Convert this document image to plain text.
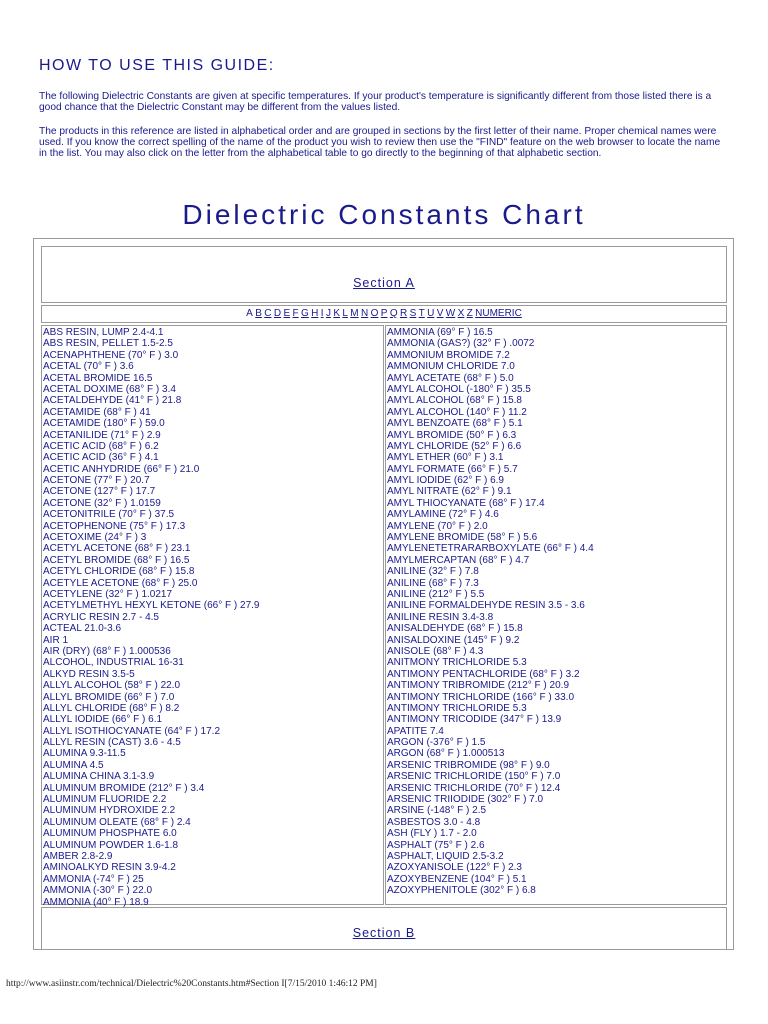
HOW TO USE THIS GUIDE:
The following Dielectric Constants are given at specific temperatures. If your product's temperature is significantly different from those listed there is a good chance that the Dielectric Constant may be different from the values listed.
The products in this reference are listed in alphabetical order and are grouped in sections by the first letter of their name. Proper chemical names were used. If you know the correct spelling of the name of the product you wish to review then use the "FIND" feature on the web browser to locate the name in the list. You may also click on the letter from the alphabetical table to go directly to the beginning of that alphabetic section.
Dielectric Constants Chart
Section A
A B C D E F G H I J K L M N O P Q R S T U V W X Z NUMERIC
ABS RESIN, LUMP 2.4-4.1
ABS RESIN, PELLET 1.5-2.5
ACENAPHTHENE (70° F ) 3.0
ACETAL (70° F ) 3.6
ACETAL BROMIDE 16.5
ACETAL DOXIME (68° F ) 3.4
ACETALDEHYDE (41° F ) 21.8
ACETAMIDE (68° F ) 41
ACETAMIDE (180° F ) 59.0
ACETANILIDE (71° F ) 2.9
ACETIC ACID (68° F ) 6.2
ACETIC ACID (36° F ) 4.1
ACETIC ANHYDRIDE (66° F ) 21.0
ACETONE (77° F ) 20.7
ACETONE (127° F ) 17.7
ACETONE (32° F ) 1.0159
ACETONITRILE (70° F ) 37.5
ACETOPHENONE (75° F ) 17.3
ACETOXIME (24° F ) 3
ACETYL ACETONE (68° F ) 23.1
ACETYL BROMIDE (68° F ) 16.5
ACETYL CHLORIDE (68° F ) 15.8
ACETYLE ACETONE (68° F ) 25.0
ACETYLENE (32° F ) 1.0217
ACETYLMETHYL HEXYL KETONE (66° F ) 27.9
ACRYLIC RESIN 2.7 - 4.5
ACTEAL 21.0-3.6
AIR 1
AIR (DRY) (68° F ) 1.000536
ALCOHOL, INDUSTRIAL 16-31
ALKYD RESIN 3.5-5
ALLYL ALCOHOL (58° F ) 22.0
ALLYL BROMIDE (66° F ) 7.0
ALLYL CHLORIDE (68° F ) 8.2
ALLYL IODIDE (66° F ) 6.1
ALLYL ISOTHIOCYANATE (64° F ) 17.2
ALLYL RESIN (CAST) 3.6 - 4.5
ALUMINA 9.3-11.5
ALUMINA 4.5
ALUMINA CHINA 3.1-3.9
ALUMINUM BROMIDE (212° F ) 3.4
ALUMINUM FLUORIDE 2.2
ALUMINUM HYDROXIDE 2.2
ALUMINUM OLEATE (68° F ) 2.4
ALUMINUM PHOSPHATE 6.0
ALUMINUM POWDER 1.6-1.8
AMBER 2.8-2.9
AMINOALKYD RESIN 3.9-4.2
AMMONIA (-74° F ) 25
AMMONIA (-30° F ) 22.0
AMMONIA (40° F ) 18.9
AMMONIA (69° F ) 16.5
AMMONIA (GAS?) (32° F ) .0072
AMMONIUM BROMIDE 7.2
AMMONIUM CHLORIDE 7.0
AMYL ACETATE (68° F ) 5.0
AMYL ALCOHOL (-180° F ) 35.5
AMYL ALCOHOL (68° F ) 15.8
AMYL ALCOHOL (140° F ) 11.2
AMYL BENZOATE (68° F ) 5.1
AMYL BROMIDE (50° F ) 6.3
AMYL CHLORIDE (52° F ) 6.6
AMYL ETHER (60° F ) 3.1
AMYL FORMATE (66° F ) 5.7
AMYL IODIDE (62° F ) 6.9
AMYL NITRATE (62° F ) 9.1
AMYL THIOCYANATE (68° F ) 17.4
AMYLAMINE (72° F ) 4.6
AMYLENE (70° F ) 2.0
AMYLENE BROMIDE (58° F ) 5.6
AMYLENETETRARARBOXYLATE (66° F ) 4.4
AMYLMERCAPTAN (68° F ) 4.7
ANILINE (32° F ) 7.8
ANILINE (68° F ) 7.3
ANILINE (212° F ) 5.5
ANILINE FORMALDEHYDE RESIN 3.5 - 3.6
ANILINE RESIN 3.4-3.8
ANISALDEHYDE (68° F ) 15.8
ANISALDOXINE (145° F ) 9.2
ANISOLE (68° F ) 4.3
ANITMONY TRICHLORIDE 5.3
ANTIMONY PENTACHLORIDE (68° F ) 3.2
ANTIMONY TRIBROMIDE (212° F ) 20.9
ANTIMONY TRICHLORIDE (166° F ) 33.0
ANTIMONY TRICHLORIDE 5.3
ANTIMONY TRICODIDE (347° F ) 13.9
APATITE 7.4
ARGON (-376° F ) 1.5
ARGON (68° F ) 1.000513
ARSENIC TRIBROMIDE (98° F ) 9.0
ARSENIC TRICHLORIDE (150° F ) 7.0
ARSENIC TRICHLORIDE (70° F ) 12.4
ARSENIC TRIIODIDE (302° F ) 7.0
ARSINE (-148° F ) 2.5
ASBESTOS 3.0 - 4.8
ASH (FLY ) 1.7 - 2.0
ASPHALT (75° F ) 2.6
ASPHALT, LIQUID 2.5-3.2
AZOXYANISOLE (122° F ) 2.3
AZOXYBENZENE (104° F ) 5.1
AZOXYPHENITOLE (302° F ) 6.8
Section B
http://www.asiinstr.com/technical/Dielectric%20Constants.htm#Section I[7/15/2010 1:46:12 PM]
